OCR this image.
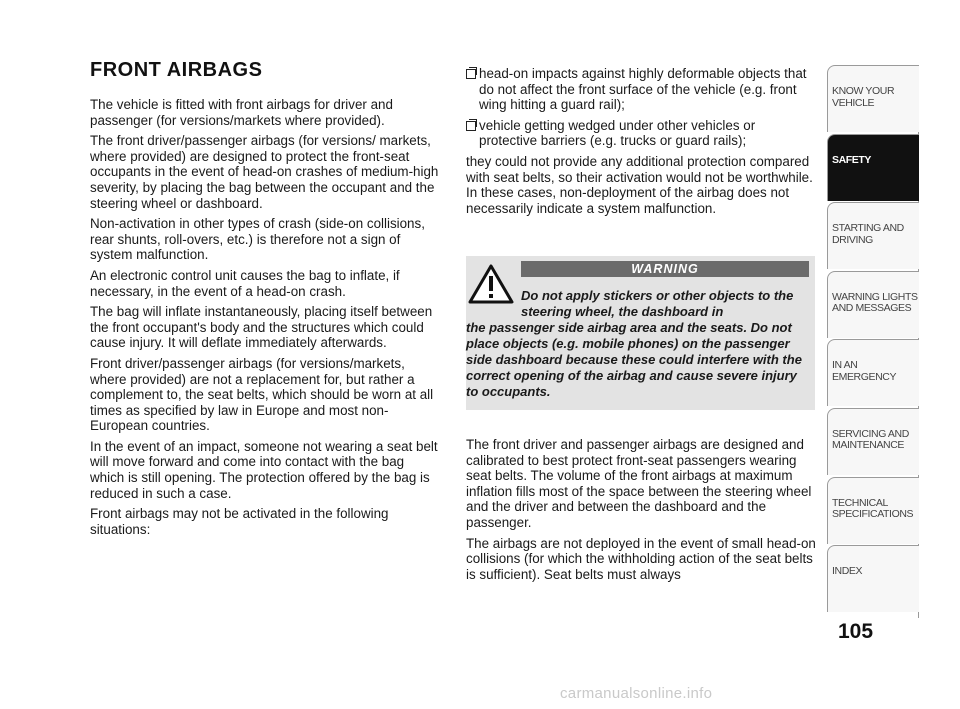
FRONT AIRBAGS

The vehicle is fitted with front airbags for driver and passenger (for versions/markets where provided).

The front driver/passenger airbags (for versions/ markets, where provided) are designed to protect the front-seat occupants in the event of head-on crashes of medium-high severity, by placing the bag between the occupant and the steering wheel or dashboard.

Non-activation in other types of crash (side-on collisions, rear shunts, roll-overs, etc.) is therefore not a sign of system malfunction.

An electronic control unit causes the bag to inflate, if necessary, in the event of a head-on crash.

The bag will inflate instantaneously, placing itself between the front occupant's body and the structures which could cause injury. It will deflate immediately afterwards.

Front driver/passenger airbags (for versions/markets, where provided) are not a replacement for, but rather a complement to, the seat belts, which should be worn at all times as specified by law in Europe and most non-European countries.

In the event of an impact, someone not wearing a seat belt will move forward and come into contact with the bag which is still opening. The protection offered by the bag is reduced in such a case.

Front airbags may not be activated in the following situations:

head-on impacts against highly deformable objects that do not affect the front surface of the vehicle (e.g. front wing hitting a guard rail);
vehicle getting wedged under other vehicles or protective barriers (e.g. trucks or guard rails);

they could not provide any additional protection compared with seat belts, so their activation would not be worthwhile. In these cases, non-deployment of the airbag does not necessarily indicate a system malfunction.

WARNING
Do not apply stickers or other objects to the steering wheel, the dashboard in
the passenger side airbag area and the seats. Do not place objects (e.g. mobile phones) on the passenger side dashboard because these could interfere with the correct opening of the airbag and cause severe injury to occupants.

The front driver and passenger airbags are designed and calibrated to best protect front-seat passengers wearing seat belts. The volume of the front airbags at maximum inflation fills most of the space between the steering wheel and the driver and between the dashboard and the passenger.

The airbags are not deployed in the event of small head-on collisions (for which the withholding action of the seat belts is sufficient). Seat belts must always

KNOW YOUR VEHICLE
SAFETY
STARTING AND DRIVING
WARNING LIGHTS AND MESSAGES
IN AN EMERGENCY
SERVICING AND MAINTENANCE
TECHNICAL SPECIFICATIONS
INDEX
105
carmanualsonline.info
